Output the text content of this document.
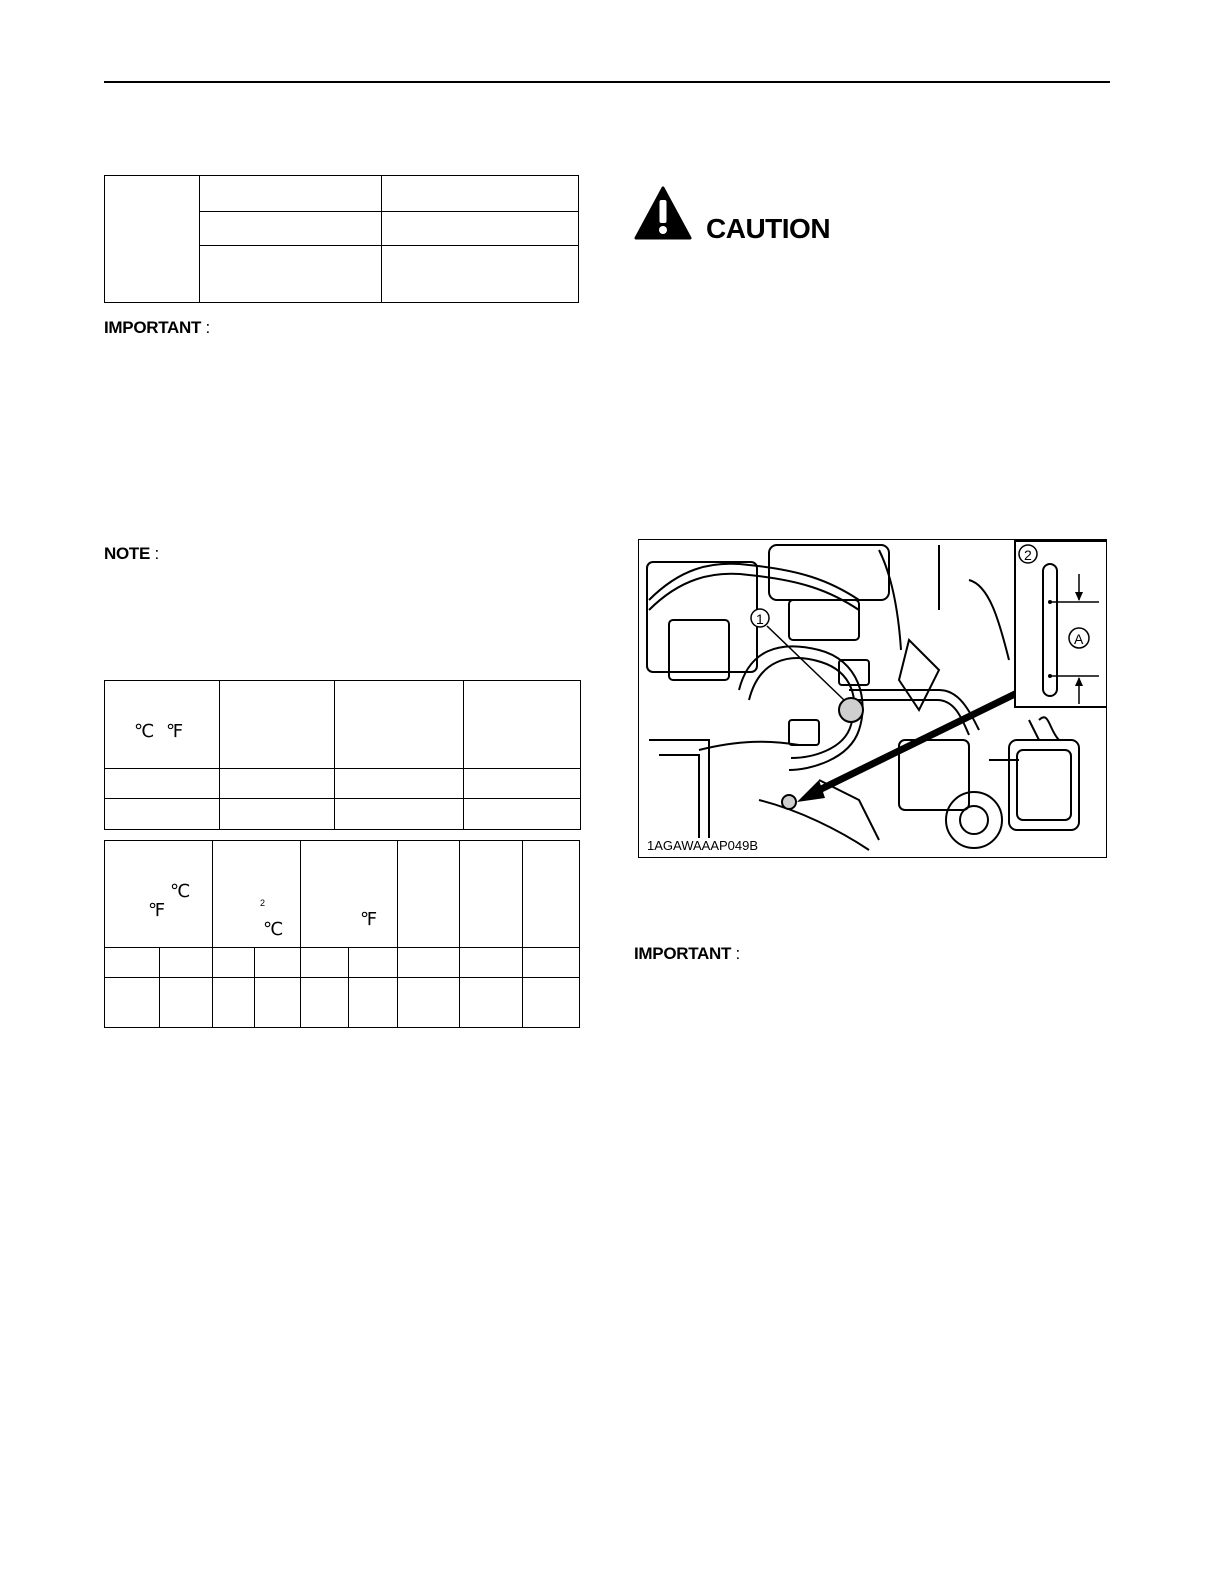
IMPORTANT :
NOTE :
℃ ℉
℃
℉	2
℃	℉
CAUTION
1
2
A
1AGAWAAAP049B
IMPORTANT :
